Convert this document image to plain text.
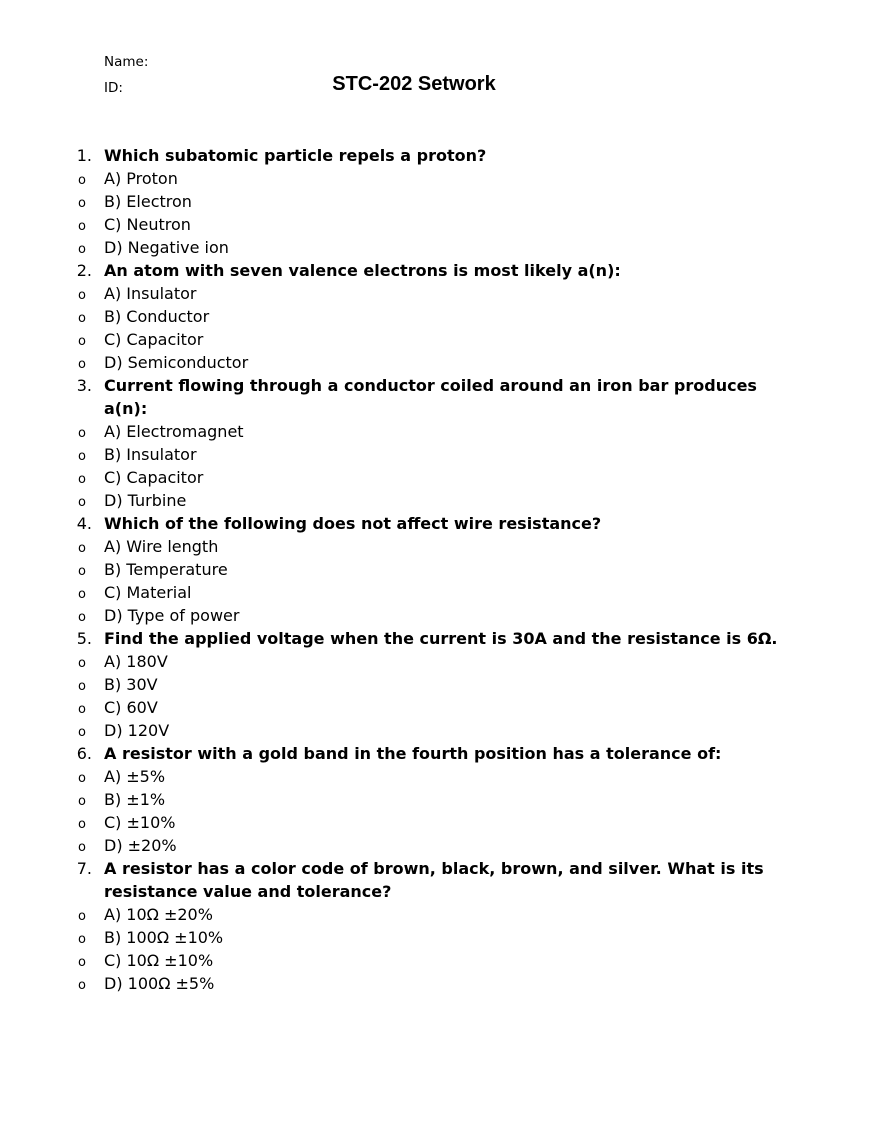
Name:
ID:	STC-202 Setwork
1. Which subatomic particle repels a proton?
o A) Proton
o B) Electron
o C) Neutron
o D) Negative ion
2. An atom with seven valence electrons is most likely a(n):
o A) Insulator
o B) Conductor
o C) Capacitor
o D) Semiconductor
3. Current flowing through a conductor coiled around an iron bar produces a(n):
o A) Electromagnet
o B) Insulator
o C) Capacitor
o D) Turbine
4. Which of the following does not affect wire resistance?
o A) Wire length
o B) Temperature
o C) Material
o D) Type of power
5. Find the applied voltage when the current is 30A and the resistance is 6Ω.
o A) 180V
o B) 30V
o C) 60V
o D) 120V
6. A resistor with a gold band in the fourth position has a tolerance of:
o A) ±5%
o B) ±1%
o C) ±10%
o D) ±20%
7. A resistor has a color code of brown, black, brown, and silver. What is its resistance value and tolerance?
o A) 10Ω ±20%
o B) 100Ω ±10%
o C) 10Ω ±10%
o D) 100Ω ±5%
